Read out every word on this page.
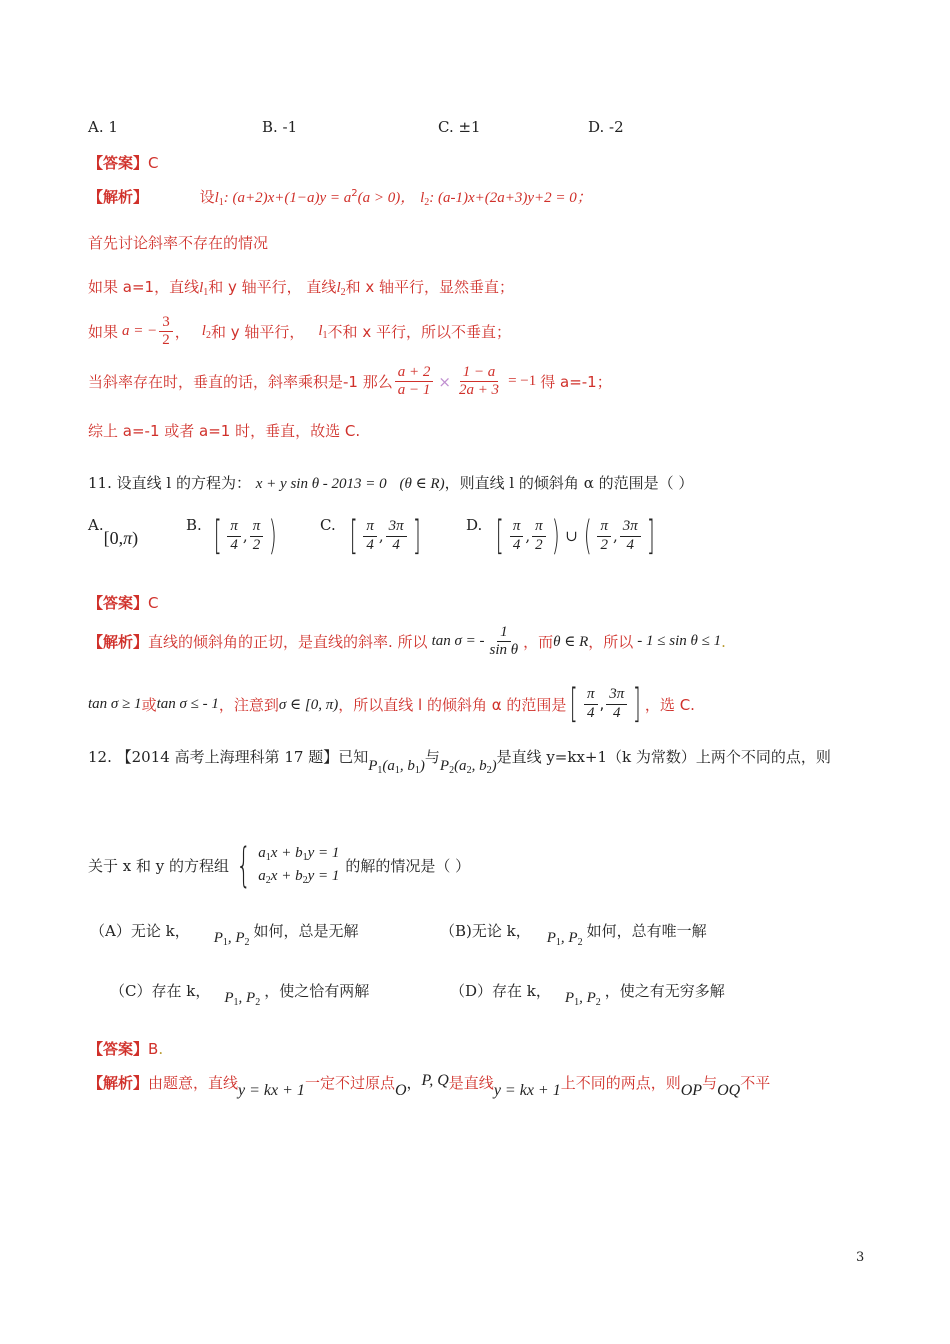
A. 1	B. -1	C. ±1	D. -2
【答案】C
【解析】	设$l_1$: $(a+2)x+(1-a)y = a^2(a > 0)$， $l_2$: (a-1)x+(2a+3)y+2 = 0；
首先讨论斜率不存在的情况
如果 a=1，直线$l_1$和 y 轴平行， 直线$l_2$和 x 轴平行，显然垂直；
如果 a = − $\frac{3}{2}$ ， $l_2$ 和 y 轴平行， $l_1$ 不和 x 平行，所以不垂直；
当斜率存在时，垂直的话，斜率乘积是-1 那么 $\frac{a + 2}{a - 1} \times \frac{1 - a}{2a + 3} = -1$ 得 a=-1；
综上 a=-1 或者 a=1 时，垂直，故选 C.
11. 设直线 l 的方程为： x + y sin θ - 2013 = 0 (θ ∈ R)，则直线 l 的倾斜角 α 的范围是（ ）
A.
[0,π)
B. [ $\frac{\pi}{4}$ , $\frac{\pi}{2}$ )	C. [ $\frac{\pi}{4}$ , $\frac{3\pi}{4}$ ]	D. [ $\frac{\pi}{4}$ , $\frac{\pi}{2}$ ) ∪ ( $\frac{\pi}{2}$ , $\frac{3\pi}{4}$ ]
【答案】C
【解析】 直线的倾斜角的正切，是直线的斜率. 所以 tan σ = - $\frac{1}{\text{sin θ}}$ ，而 θ ∈ R ，所以 - 1 ≤ sin θ ≤ 1 .
tan σ ≥ 1 或 tan σ ≤ - 1 ，注意到 σ ∈ [0, π) ，所以直线 l 的倾斜角 α 的范围是 [ $\frac{\pi}{4}$ , $\frac{3\pi}{4}$ ] ，选 C.
12. 【2014 高考上海理科第 17 题】已知 $P_1(a_1$, $b_1$) 与 $P_2(a_2$, $b_2$) 是直线 y=kx+1（k 为常数）上两个不同的点，则
关于 x 和 y 的方程组 { $a_1x + b_1y = 1$
$a_2x + b_2y = 1$
的解的情况是（ ）
（A）无论 k， $P_1$, $P_2$
如何，总是无解	（B)无论 k， $P_1$, $P_2$
如何，总有唯一解
（C）存在 k， $P_1$, $P_2$
，使之恰有两解	（D）存在 k， $P_1$, $P_2$
，使之有无穷多解
【答案】B.
【解析】 由题意，直线 y = kx + 1 一定不过原点 O ， P, Q 是直线 y = kx + 1 上不同的两点，则 OP 与 OQ 不平
3
